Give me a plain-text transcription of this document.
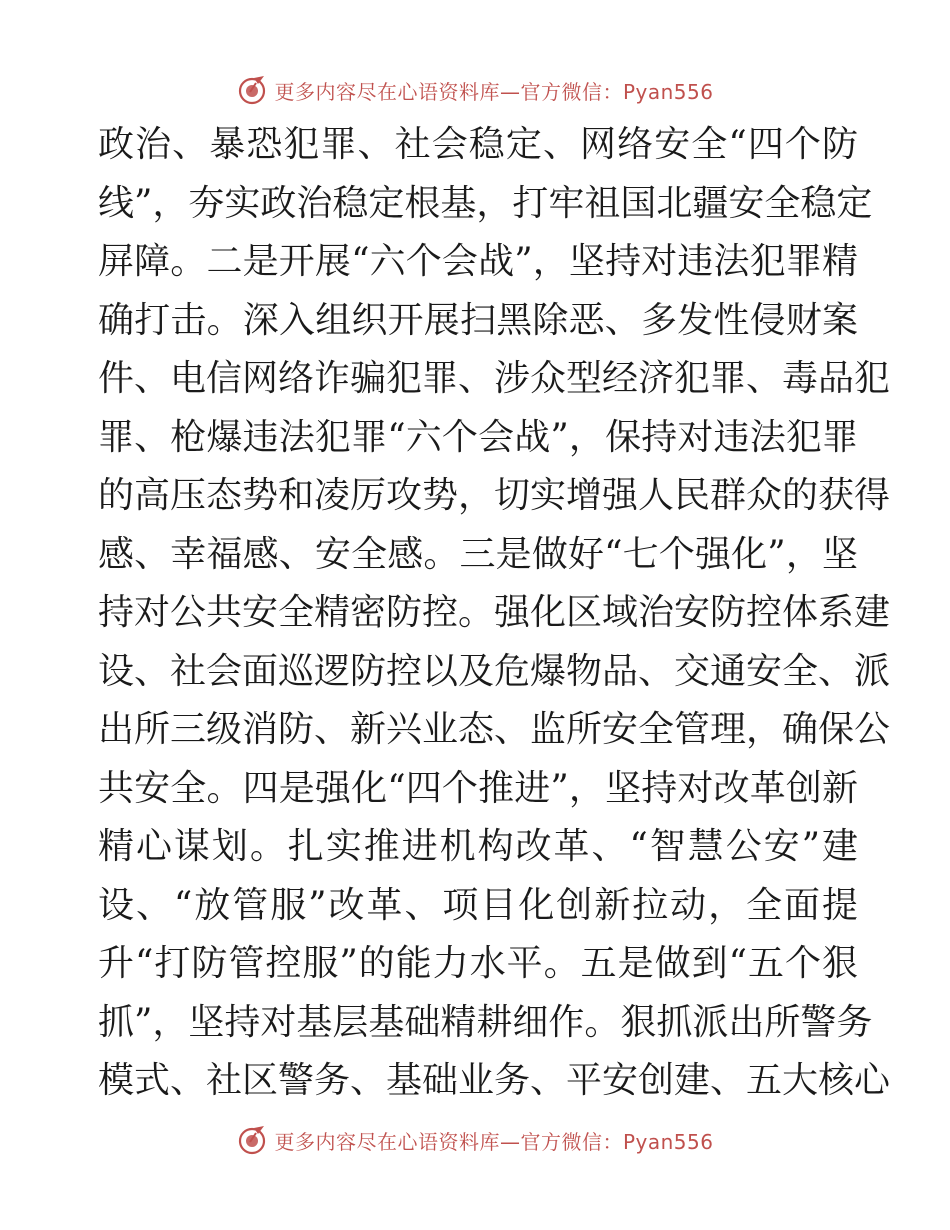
更多内容尽在心语资料库—官方微信：Pyan556
政治、暴恐犯罪、社会稳定、网络安全“四个防
线”，夯实政治稳定根基，打牢祖国北疆安全稳定
屏障。二是开展“六个会战”，坚持对违法犯罪精
确打击。深入组织开展扫黑除恶、多发性侵财案
件、电信网络诈骗犯罪、涉众型经济犯罪、毒品犯
罪、枪爆违法犯罪“六个会战”，保持对违法犯罪
的高压态势和凌厉攻势，切实增强人民群众的获得
感、幸福感、安全感。三是做好“七个强化”，坚
持对公共安全精密防控。强化区域治安防控体系建
设、社会面巡逻防控以及危爆物品、交通安全、派
出所三级消防、新兴业态、监所安全管理，确保公
共安全。四是强化“四个推进”，坚持对改革创新
精心谋划。扎实推进机构改革、“智慧公安”建
设、“放管服”改革、项目化创新拉动，全面提
升“打防管控服”的能力水平。五是做到“五个狠
抓”，坚持对基层基础精耕细作。狠抓派出所警务
模式、社区警务、基础业务、平安创建、五大核心
更多内容尽在心语资料库—官方微信：Pyan556
